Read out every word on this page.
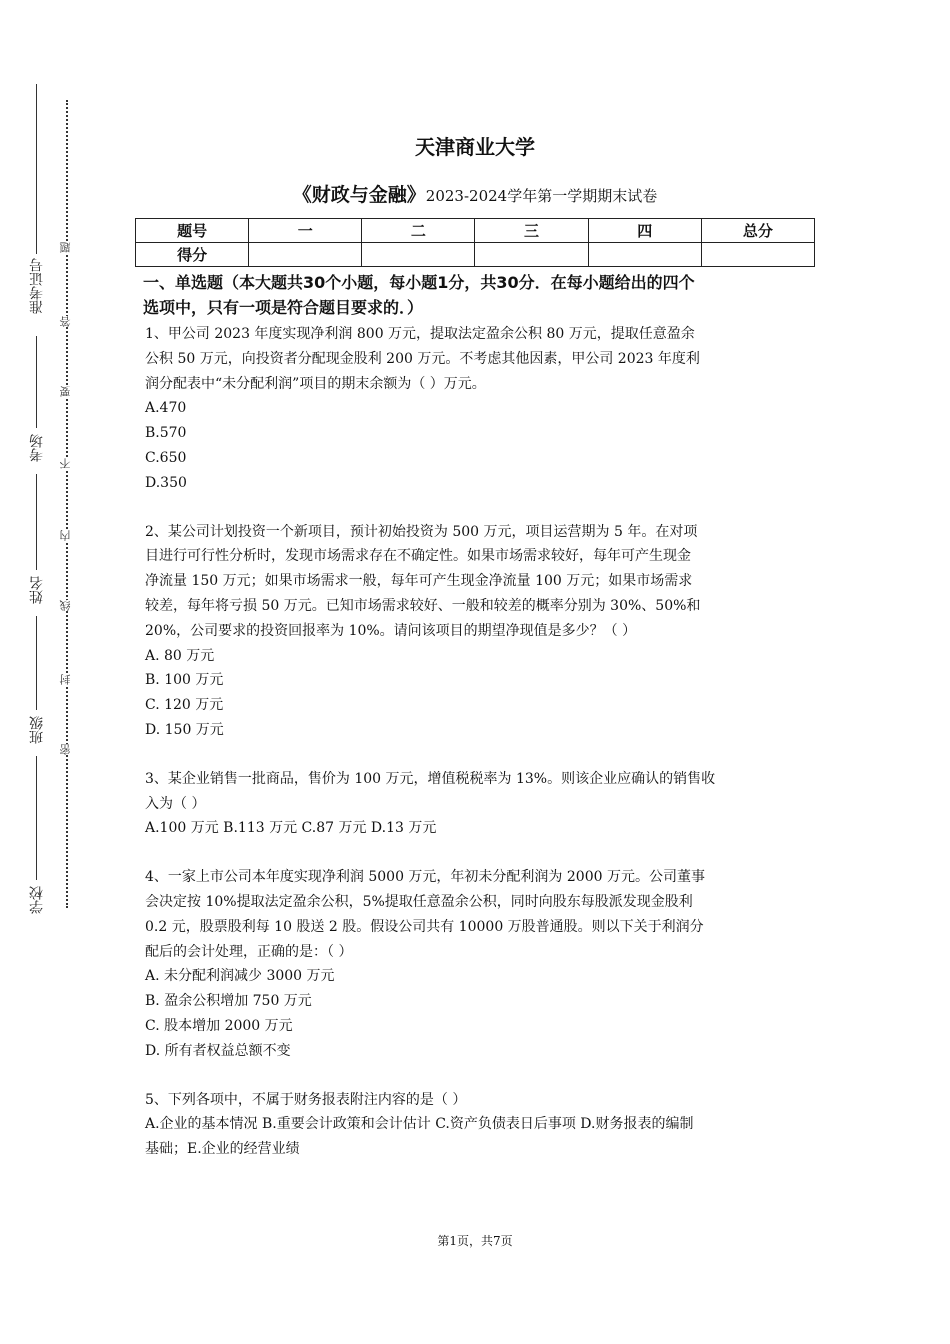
准考证号
考场
姓名
班级
学校
题
答
要
不
内
线
封
密
天津商业大学
《财政与金融》2023-2024学年第一学期期末试卷
题号	一	二	三	四	总分
得分					
一、单选题（本大题共30个小题，每小题1分，共30分．在每小题给出的四个
选项中，只有一项是符合题目要求的．）

1、甲公司 2023 年度实现净利润 800 万元，提取法定盈余公积 80 万元，提取任意盈余

公积 50 万元，向投资者分配现金股利 200 万元。不考虑其他因素，甲公司 2023 年度利

润分配表中“未分配利润”项目的期末余额为（ ）万元。

A.470

B.570

C.650

D.350

2、某公司计划投资一个新项目，预计初始投资为 500 万元，项目运营期为 5 年。在对项

目进行可行性分析时，发现市场需求存在不确定性。如果市场需求较好，每年可产生现金

净流量 150 万元；如果市场需求一般，每年可产生现金净流量 100 万元；如果市场需求

较差，每年将亏损 50 万元。已知市场需求较好、一般和较差的概率分别为 30%、50%和

20%，公司要求的投资回报率为 10%。请问该项目的期望净现值是多少？（ ）

A. 80 万元

B. 100 万元

C. 120 万元

D. 150 万元

3、某企业销售一批商品，售价为 100 万元，增值税税率为 13%。则该企业应确认的销售收

入为（ ）

A.100 万元 B.113 万元 C.87 万元 D.13 万元

4、一家上市公司本年度实现净利润 5000 万元，年初未分配利润为 2000 万元。公司董事

会决定按 10%提取法定盈余公积，5%提取任意盈余公积，同时向股东每股派发现金股利

0.2 元，股票股利每 10 股送 2 股。假设公司共有 10000 万股普通股。则以下关于利润分

配后的会计处理，正确的是：（ ）

A. 未分配利润减少 3000 万元

B. 盈余公积增加 750 万元

C. 股本增加 2000 万元

D. 所有者权益总额不变

5、下列各项中，不属于财务报表附注内容的是（ ）

A.企业的基本情况 B.重要会计政策和会计估计 C.资产负债表日后事项 D.财务报表的编制

基础；E.企业的经营业绩

第1页，共7页
